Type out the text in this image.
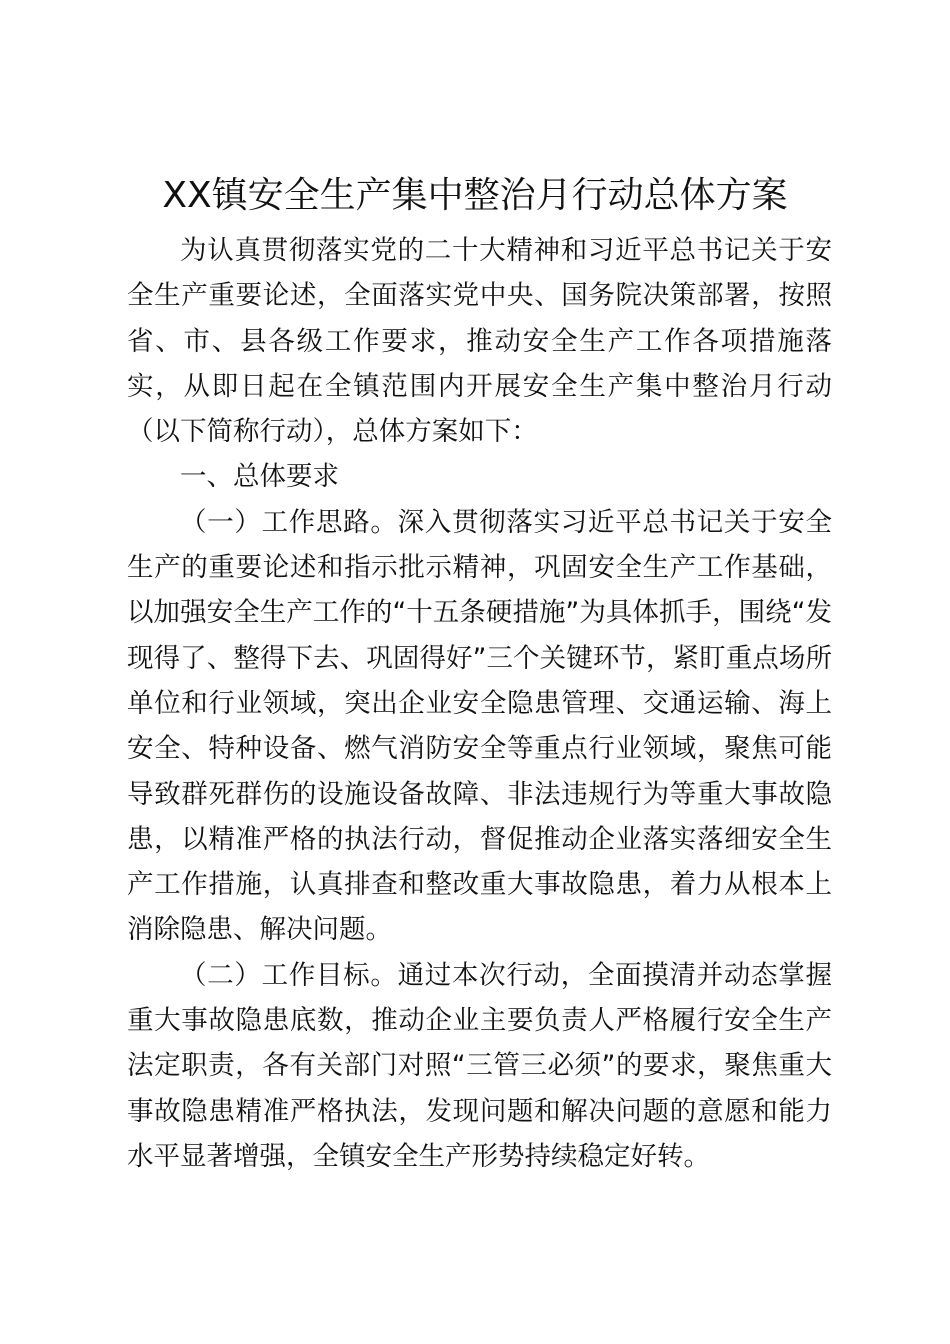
XX镇安全生产集中整治月行动总体方案

为认真贯彻落实党的二十大精神和习近平总书记关于安全生产重要论述，全面落实党中央、国务院决策部署，按照省、市、县各级工作要求，推动安全生产工作各项措施落实，从即日起在全镇范围内开展安全生产集中整治月行动（以下简称行动），总体方案如下：

一、总体要求

（一）工作思路。深入贯彻落实习近平总书记关于安全生产的重要论述和指示批示精神，巩固安全生产工作基础，以加强安全生产工作的“十五条硬措施”为具体抓手，围绕“发现得了、整得下去、巩固得好”三个关键环节，紧盯重点场所单位和行业领域，突出企业安全隐患管理、交通运输、海上安全、特种设备、燃气消防安全等重点行业领域，聚焦可能导致群死群伤的设施设备故障、非法违规行为等重大事故隐患，以精准严格的执法行动，督促推动企业落实落细安全生产工作措施，认真排查和整改重大事故隐患，着力从根本上消除隐患、解决问题。

（二）工作目标。通过本次行动，全面摸清并动态掌握重大事故隐患底数，推动企业主要负责人严格履行安全生产法定职责，各有关部门对照“三管三必须”的要求，聚焦重大事故隐患精准严格执法，发现问题和解决问题的意愿和能力水平显著增强，全镇安全生产形势持续稳定好转。
